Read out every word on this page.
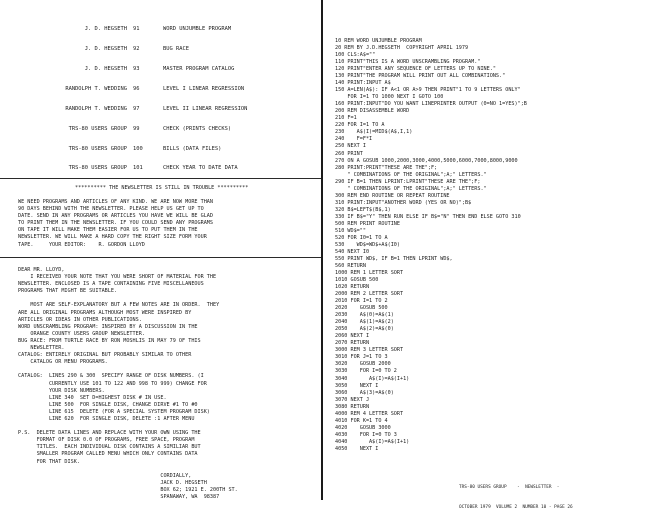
J. D. HEGSETH 91	WORD UNJUMBLE PROGRAM
J. D. HEGSETH 92	BUG RACE
J. D. HEGSETH 93	MASTER PROGRAM CATALOG
RANDOLPH T. WEDDING 96	LEVEL I LINEAR REGRESSION
RANDOLPH T. WEDDING 97	LEVEL II LINEAR REGRESSION
TRS-80 USERS GROUP 99	CHECK (PRINTS CHECKS)
TRS-80 USERS GROUP 100	BILLS (DATA FILES)
TRS-80 USERS GROUP 101	CHECK YEAR TO DATE DATA
********** THE NEWSLETTER IS STILL IN TROUBLE **********
WE NEED PROGRAMS AND ARTICLES OF ANY KIND. WE ARE NOW MORE THAN
90 DAYS BEHIND WITH THE NEWSLETTER. PLEASE HELP US GET UP TO
DATE. SEND IN ANY PROGRAMS OR ARTICLES YOU HAVE WE WILL BE GLAD
TO PRINT THEM IN THE NEWSLETTER. IF YOU COULD SEND ANY PROGRAMS
ON TAPE IT WILL MAKE THEM EASIER FOR US TO PUT THEM IN THE
NEWSLETTER. WE WILL MAKE A HARD COPY THE RIGHT SIZE FORM YOUR
TAPE.     YOUR EDITOR:    R. GORDON LLOYD
DEAR MR. LLOYD,
I RECEIVED YOUR NOTE THAT YOU WERE SHORT OF MATERIAL FOR THE
NEWSLETTER. ENCLOSED IS A TAPE CONTAINING FIVE MISCELLANEOUS
PROGRAMS THAT MIGHT BE SUITABLE.

MOST ARE SELF-EXPLANATORY BUT A FEW NOTES ARE IN ORDER.  THEY
ARE ALL ORIGINAL PROGRAMS ALTHOUGH MOST WERE INSPIRED BY
ARTICLES OR IDEAS IN OTHER PUBLICATIONS.
WORD UNSCRAMBLING PROGRAM: INSPIRED BY A DISCUSSION IN THE
ORANGE COUNTY USERS GROUP NEWSLETTER.
BUG RACE: FROM TURTLE RACE BY RON MOSHLIS IN MAY 79 OF THIS
NEWSLETTER.
CATALOG: ENTIRELY ORIGINAL BUT PROBABLY SIMILAR TO OTHER
CATALOG OR MENU PROGRAMS.

CATALOG:  LINES 290 & 300  SPECIFY RANGE OF DISK NUMBERS. (I
CURRENTLY USE 101 TO 122 AND 998 TO 999) CHANGE FOR
YOUR DISK NUMBERS.
LINE 340  SET D=HIGHEST DISK # IN USE.
LINE 500  FOR SINGLE DISK, CHANGE DIRVE #1 TO #0
LINE 615  DELETE (FOR A SPECIAL SYSTEM PROGRAM DISK)
LINE 620  FOR SINGLE DISK, DELETE :1 AFTER MENU

P.S.  DELETE DATA LINES AND REPLACE WITH YOUR OWN USING THE
FORMAT OF DISK 0.0 OF PROGRAMS, FREE SPACE, PROGRAM
TITLES.  EACH INDIVIDUAL DISK CONTAINS A SIMILIAR BUT
SMALLER PROGRAM CALLED MENU WHICH ONLY CONTAINS DATA
FOR THAT DISK.

CORDIALLY,
JACK D. HEGSETH
BOX 62; 1921 E. 200TH ST.
SPANAWAY, WA  98387
10 REM WORD UNJUMBLE PROGRAM
20 REM BY J.D.HEGSETH  COPYRIGHT APRIL 1979
100 CLS:A$=""
110 PRINT"THIS IS A WORD UNSCRAMBLING PROGRAM."
120 PRINT"ENTER ANY SEQUENCE OF LETTERS UP TO NINE."
130 PRINT"THE PROGRAM WILL PRINT OUT ALL COMBINATIONS."
140 PRINT:INPUT A$
150 A=LEN(A$): IF A<1 OR A>9 THEN PRINT"1 TO 9 LETTERS ONLY"
FOR I=1 TO 1000 NEXT I GOTO 100
160 PRINT:INPUT"DO YOU WANT LINEPRINTER OUTPUT (0=NO 1=YES)";B
200 REM DISASSEMBLE WORD
210 F=1
220 FOR I=1 TO A
230    A$(I)=MID$(A$,I,1)
240    F=F*I
250 NEXT I
260 PRINT
270 ON A GOSUB 1000,2000,3000,4000,5000,6000,7000,8000,9000
280 PRINT:PRINT"THESE ARE THE";F;
" COMBINATIONS OF THE ORIGINAL";A;" LETTERS."
290 IF B=1 THEN LPRINT:LPRINT"THESE ARE THE";F;
" COMBINATIONS OF THE ORIGINAL";A;" LETTERS."
300 REM END ROUTINE OR REPEAT ROUTINE
310 PRINT:INPUT"ANOTHER WORD (YES OR NO)";B$
320 B$=LEFT$(B$,1)
330 IF B$="Y" THEN RUN ELSE IF B$="N" THEN END ELSE GOTO 310
500 REM PRINT ROUTINE
510 WD$=""
520 FOR I0=1 TO A
530    WD$=WD$+A$(I0)
540 NEXT I0
550 PRINT WD$, IF B=1 THEN LPRINT WD$,
560 RETURN
1000 REM 1 LETTER SORT
1010 GOSUB 500
1020 RETURN
2000 REM 2 LETTER SORT
2010 FOR I=1 TO 2
2020    GOSUB 500
2030    A$(0)=A$(1)
2040    A$(1)=A$(2)
2050    A$(2)=A$(0)
2060 NEXT I
2070 RETURN
3000 REM 3 LETTER SORT
3010 FOR J=1 TO 3
3020    GOSUB 2000
3030    FOR I=0 TO 2
3040       A$(I)=A$(I+1)
3050    NEXT I
3060    A$(3)=A$(0)
3070 NEXT J
3080 RETURN
4000 REM 4 LETTER SORT
4010 FOR K=1 TO 4
4020    GOSUB 3000
4030    FOR I=0 TO 3
4040       A$(I)=A$(I+1)
4050    NEXT I

TRS-80 USERS GROUP    -  NEWSLETTER  -

OCTOBER 1979  VOLUME 2  NUMBER 10 - PAGE 26
